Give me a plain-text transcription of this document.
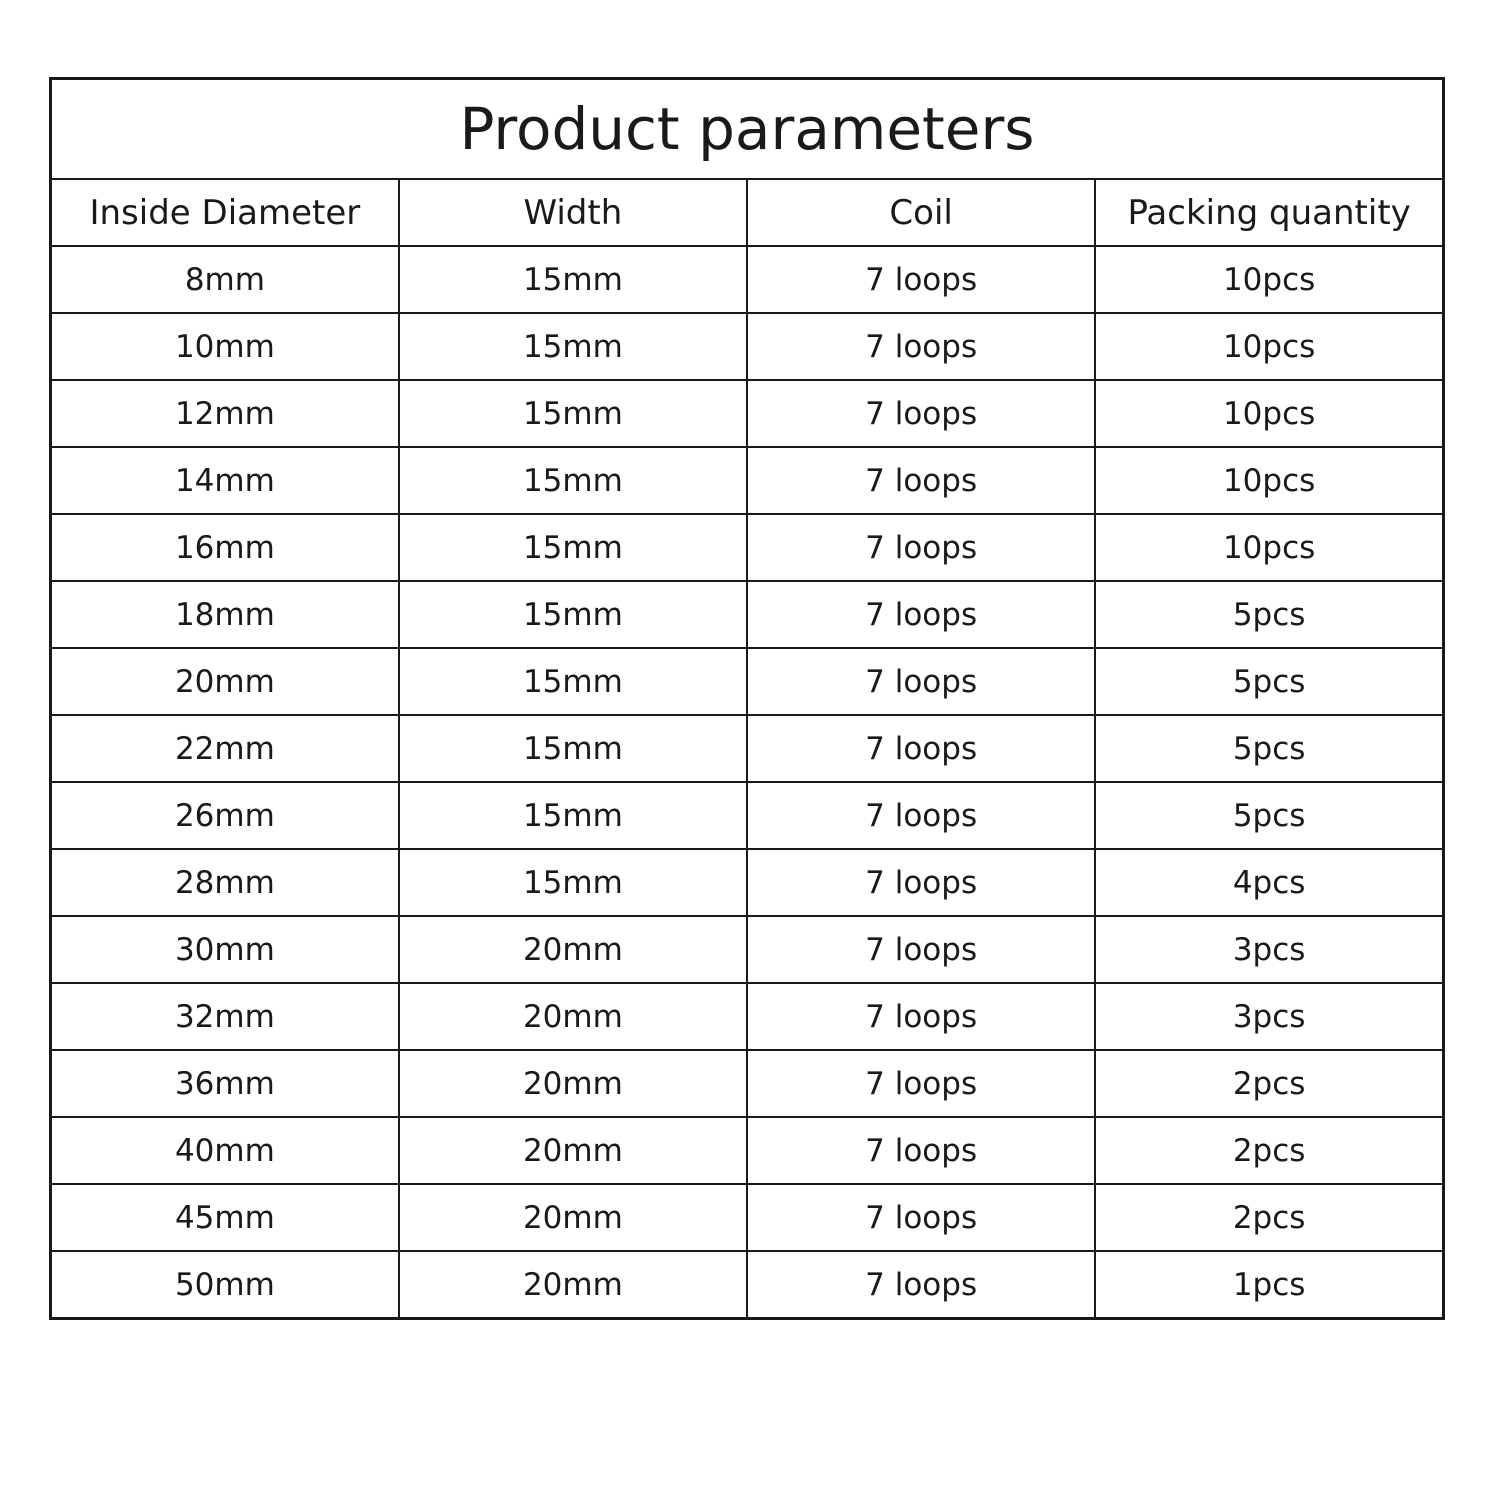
Product parameters			
Inside Diameter	Width	Coil	Packing quantity
8mm	15mm	7 loops	10pcs
10mm	15mm	7 loops	10pcs
12mm	15mm	7 loops	10pcs
14mm	15mm	7 loops	10pcs
16mm	15mm	7 loops	10pcs
18mm	15mm	7 loops	5pcs
20mm	15mm	7 loops	5pcs
22mm	15mm	7 loops	5pcs
26mm	15mm	7 loops	5pcs
28mm	15mm	7 loops	4pcs
30mm	20mm	7 loops	3pcs
32mm	20mm	7 loops	3pcs
36mm	20mm	7 loops	2pcs
40mm	20mm	7 loops	2pcs
45mm	20mm	7 loops	2pcs
50mm	20mm	7 loops	1pcs
